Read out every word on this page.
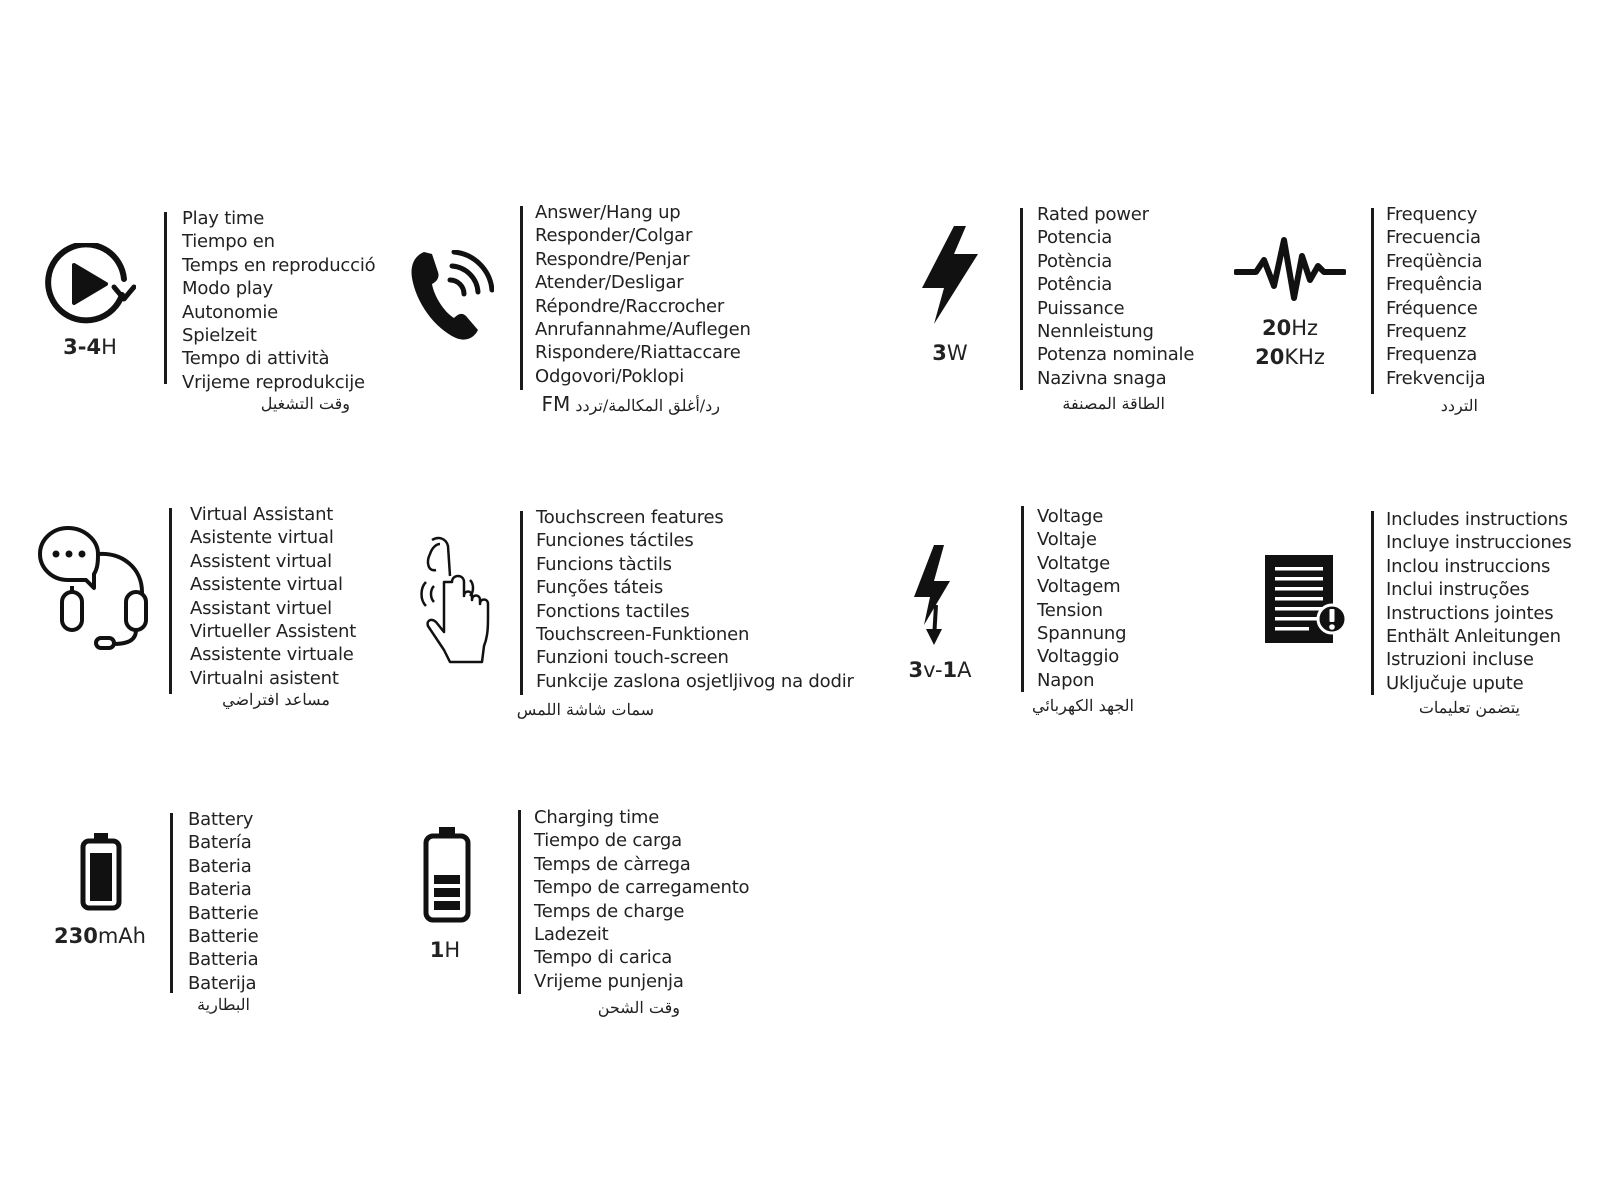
3-4H
Play time
Tiempo en
Temps en reproducció
Modo play
Autonomie
Spielzeit
Tempo di attività
Vrijeme reprodukcije
وقت التشغيل
Answer/Hang up
Responder/Colgar
Respondre/Penjar
Atender/Desligar
Répondre/Raccrocher
Anrufannahme/Auflegen
Rispondere/Riattaccare
Odgovori/Poklopi
رد/أغلق المكالمة/تردد FM
3W
Rated power
Potencia
Potència
Potência
Puissance
Nennleistung
Potenza nominale
Nazivna snaga
الطاقة المصنفة
20Hz
20KHz
Frequency
Frecuencia
Freqüència
Frequência
Fréquence
Frequenz
Frequenza
Frekvencija
التردد
Virtual Assistant
Asistente virtual
Assistent virtual
Assistente virtual
Assistant virtuel
Virtueller Assistent
Assistente virtuale
Virtualni asistent
مساعد افتراضي
Touchscreen features
Funciones táctiles
Funcions tàctils
Funções táteis
Fonctions tactiles
Touchscreen-Funktionen
Funzioni touch-screen
Funkcije zaslona osjetljivog na dodir
سمات شاشة اللمس
3v-1A
Voltage
Voltaje
Voltatge
Voltagem
Tension
Spannung
Voltaggio
Napon
الجهد الكهربائي
Includes instructions
Incluye instrucciones
Inclou instruccions
Inclui instruções
Instructions jointes
Enthält Anleitungen
Istruzioni incluse
Uključuje upute
يتضمن تعليمات
230mAh
Battery
Batería
Bateria
Bateria
Batterie
Batterie
Batteria
Baterija
البطارية
1H
Charging time
Tiempo de carga
Temps de càrrega
Tempo de carregamento
Temps de charge
Ladezeit
Tempo di carica
Vrijeme punjenja
وقت الشحن
